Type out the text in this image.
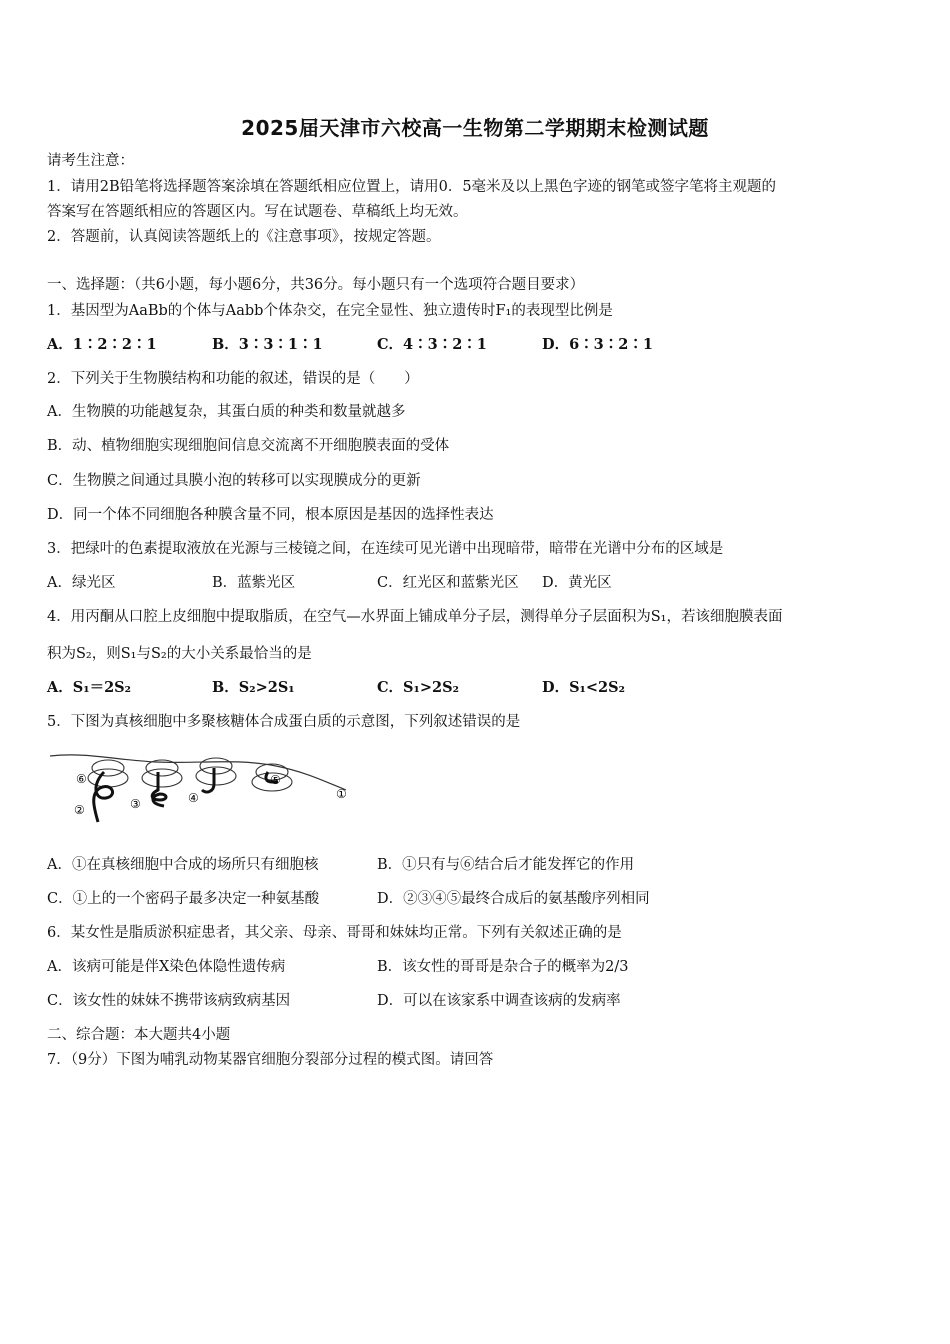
2025届天津市六校高一生物第二学期期末检测试题
请考生注意：
1．请用2B铅笔将选择题答案涂填在答题纸相应位置上，请用0．5毫米及以上黑色字迹的钢笔或签字笔将主观题的
答案写在答题纸相应的答题区内。写在试题卷、草稿纸上均无效。
2．答题前，认真阅读答题纸上的《注意事项》，按规定答题。
一、选择题：（共6小题，每小题6分，共36分。每小题只有一个选项符合题目要求）
1．基因型为AaBb的个体与Aabb个体杂交，在完全显性、独立遗传时F₁的表现型比例是
A．1∶2∶2∶1	B．3∶3∶1∶1	C．4∶3∶2∶1	D．6∶3∶2∶1
2．下列关于生物膜结构和功能的叙述，错误的是（　　）
A．生物膜的功能越复杂，其蛋白质的种类和数量就越多
B．动、植物细胞实现细胞间信息交流离不开细胞膜表面的受体
C．生物膜之间通过具膜小泡的转移可以实现膜成分的更新
D．同一个体不同细胞各种膜含量不同，根本原因是基因的选择性表达
3．把绿叶的色素提取液放在光源与三棱镜之间，在连续可见光谱中出现暗带，暗带在光谱中分布的区域是
A．绿光区	B．蓝紫光区	C．红光区和蓝紫光区 D．黄光区
4．用丙酮从口腔上皮细胞中提取脂质，在空气—水界面上铺成单分子层，测得单分子层面积为S₁，若该细胞膜表面
积为S₂，则S₁与S₂的大小关系最恰当的是
A．S₁＝2S₂	B．S₂>2S₁	C．S₁>2S₂	D．S₁<2S₂
5．下图为真核细胞中多聚核糖体合成蛋白质的示意图，下列叙述错误的是
⑥
②	③	④
⑤
①
A．①在真核细胞中合成的场所只有细胞核	B．①只有与⑥结合后才能发挥它的作用
C．①上的一个密码子最多决定一种氨基酸	D．②③④⑤最终合成后的氨基酸序列相同
6．某女性是脂质淤积症患者，其父亲、母亲、哥哥和妹妹均正常。下列有关叙述正确的是
A．该病可能是伴X染色体隐性遗传病	B．该女性的哥哥是杂合子的概率为2/3
C．该女性的妹妹不携带该病致病基因	D．可以在该家系中调查该病的发病率
二、综合题：本大题共4小题
7．（9分）下图为哺乳动物某器官细胞分裂部分过程的模式图。请回答
